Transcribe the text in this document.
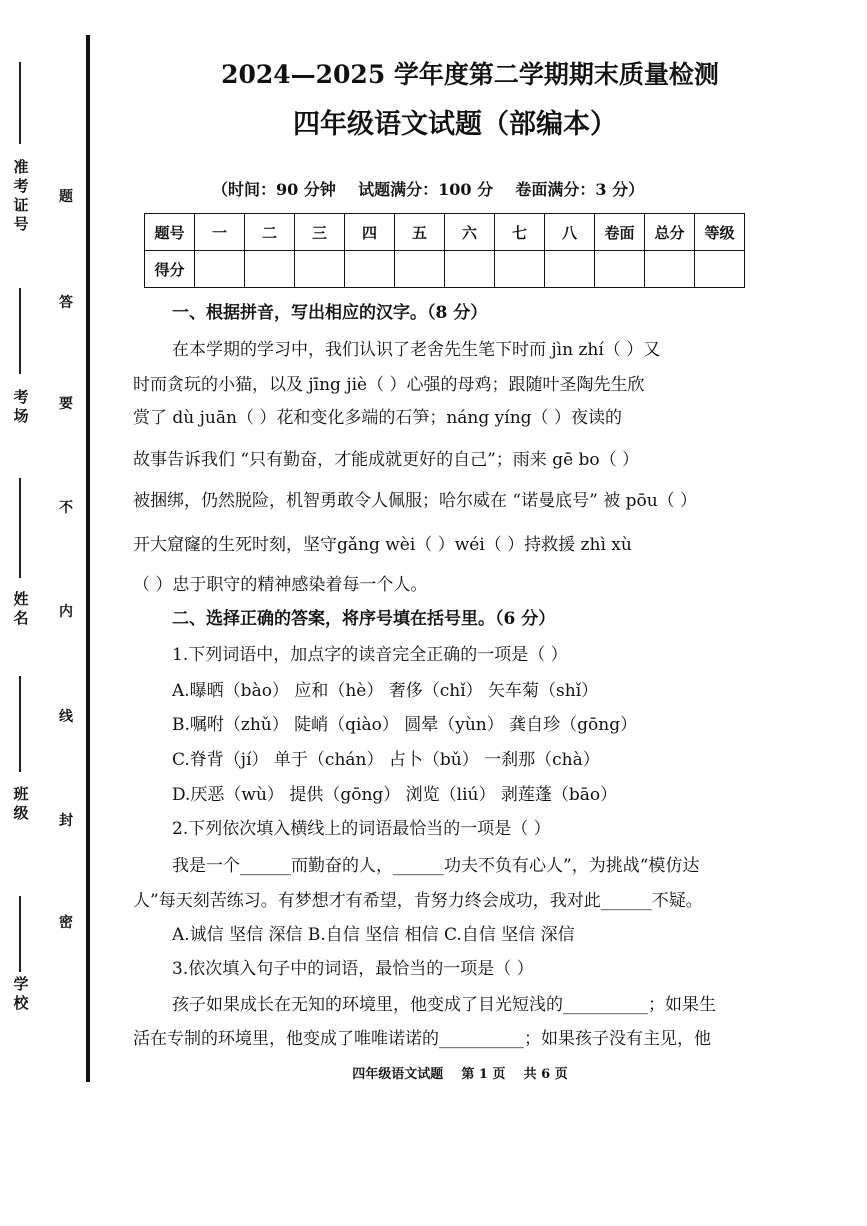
准考证号
考场
姓名
班级
学校
题
答
要
不
内
线
封
密
2024—2025 学年度第二学期期末质量检测
四年级语文试题（部编本）
（时间：90 分钟    试题满分：100 分    卷面满分：3 分）
题号	一	二	三	四	五	六	七	八	卷面	总分	等级
得分											
一、根据拼音，写出相应的汉字。（8 分）
在本学期的学习中，我们认识了老舍先生笔下时而 jìn zhí（ ）又
时而贪玩的小猫，以及 jīng jiè（ ）心强的母鸡；跟随叶圣陶先生欣
赏了 dù juān（ ）花和变化多端的石笋；náng yíng（ ）夜读的
故事告诉我们 “只有勤奋，才能成就更好的自己”；雨来 gē bo（ ）
被捆绑，仍然脱险，机智勇敢令人佩服；哈尔威在 “诺曼底号” 被 pōu（ ）
开大窟窿的生死时刻，坚守gǎng wèi（ ）wéi（ ）持救援 zhì xù
（ ）忠于职守的精神感染着每一个人。
二、选择正确的答案，将序号填在括号里。（6 分）
1.下列词语中，加点字的读音完全正确的一项是（ ）
A.曝晒（bào） 应和（hè） 奢侈（chǐ） 矢车菊（shǐ）
B.嘱咐（zhǔ） 陡峭（qiào） 圆晕（yùn） 龚自珍（gōng）
C.脊背（jí） 单于（chán） 占卜（bǔ） 一刹那（chà）
D.厌恶（wù） 提供（gōng） 浏览（liú） 剥莲蓬（bāo）
2.下列依次填入横线上的词语最恰当的一项是（ ）
我是一个______而勤奋的人，______功夫不负有心人”，为挑战“模仿达
人”每天刻苦练习。有梦想才有希望，肯努力终会成功，我对此______不疑。
A.诚信 坚信 深信 B.自信 坚信 相信 C.自信 坚信 深信
3.依次填入句子中的词语，最恰当的一项是（ ）
孩子如果成长在无知的环境里，他变成了目光短浅的__________；如果生
活在专制的环境里，他变成了唯唯诺诺的__________；如果孩子没有主见，他
四年级语文试题    第 1 页    共 6 页
